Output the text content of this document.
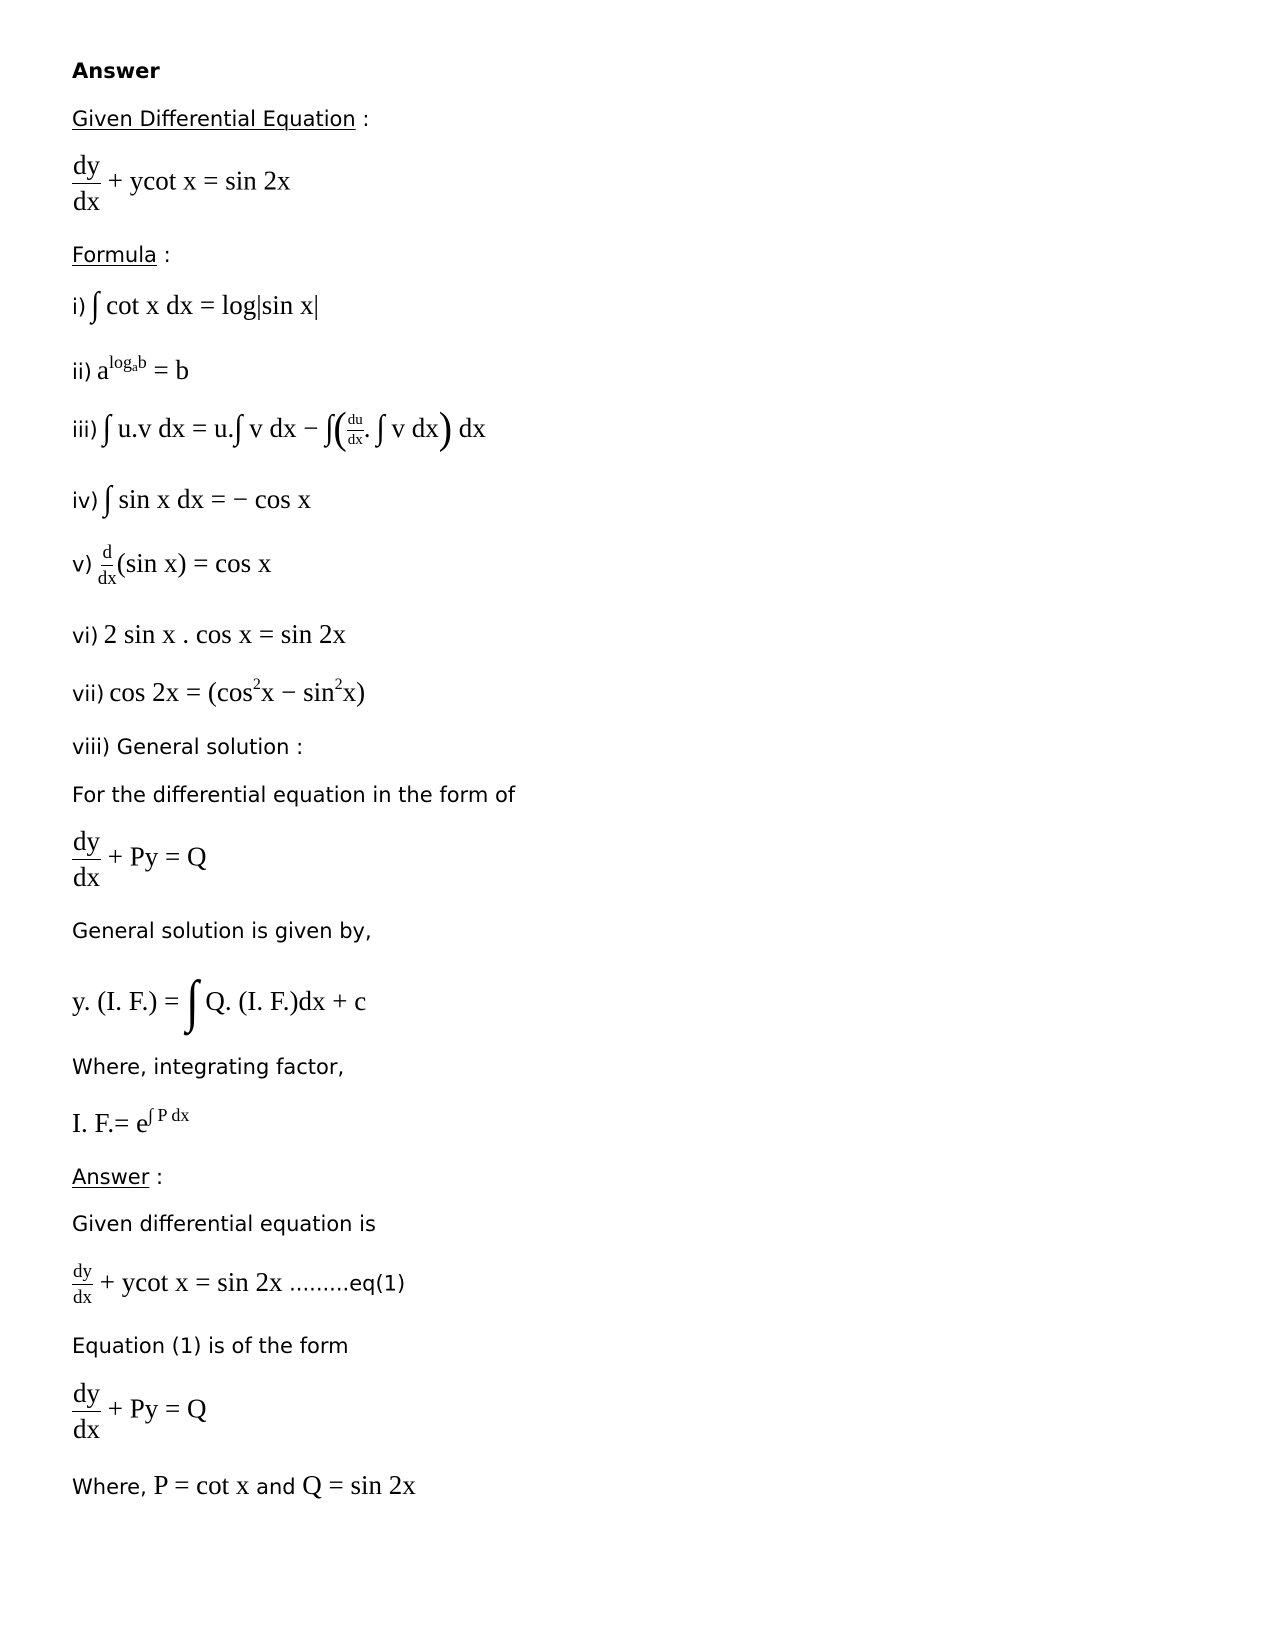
Answer
Given Differential Equation :
$\frac{dy}{dx} + ycot$ x = sin 2x
Formula :
i) ∫ cot x dx = log|sin x|
ii) $a^{logab} = b$
iii) ∫ u.v dx = u.∫ v dx − ∫( $\frac{du}{dx}$ . ∫ v dx) dx
iv) ∫ sin x dx = − cos x
$v) \frac{d}{dx} (\sin$ x) = cos x
vi) 2 sin x . cos x = sin 2x
vii) $\cos 2x = (\cos^2x - \sin^2x)$
viii) General solution :
For the differential equation in the form of
$\frac{dy}{dx} + Py = Q$
General solution is given by,
y. (I. F.) = ∫ Q. (I. F.)dx + c
Where, integrating factor,
I. $F.= e^{\int P dx}$
Answer :
Given differential equation is
$\frac{dy}{dx} + ycot$ x = sin 2x .........eq(1)
Equation (1) is of the form
$\frac{dy}{dx} + Py = Q$
Where, P = cot x and Q = sin 2x
